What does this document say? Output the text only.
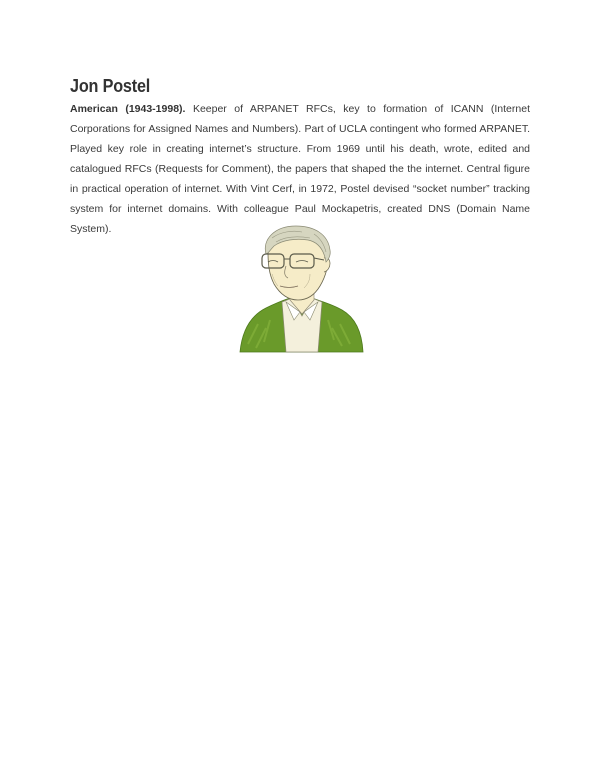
Jon Postel

American (1943-1998). Keeper of ARPANET RFCs, key to formation of ICANN (Internet Corporations for Assigned Names and Numbers). Part of UCLA contingent who formed ARPANET. Played key role in creating internet’s structure. From 1969 until his death, wrote, edited and catalogued RFCs (Requests for Comment), the papers that shaped the the internet. Central figure in practical operation of internet. With Vint Cerf, in 1972, Postel devised “socket number” tracking system for internet domains. With colleague Paul Mockapetris, created DNS (Domain Name System).
